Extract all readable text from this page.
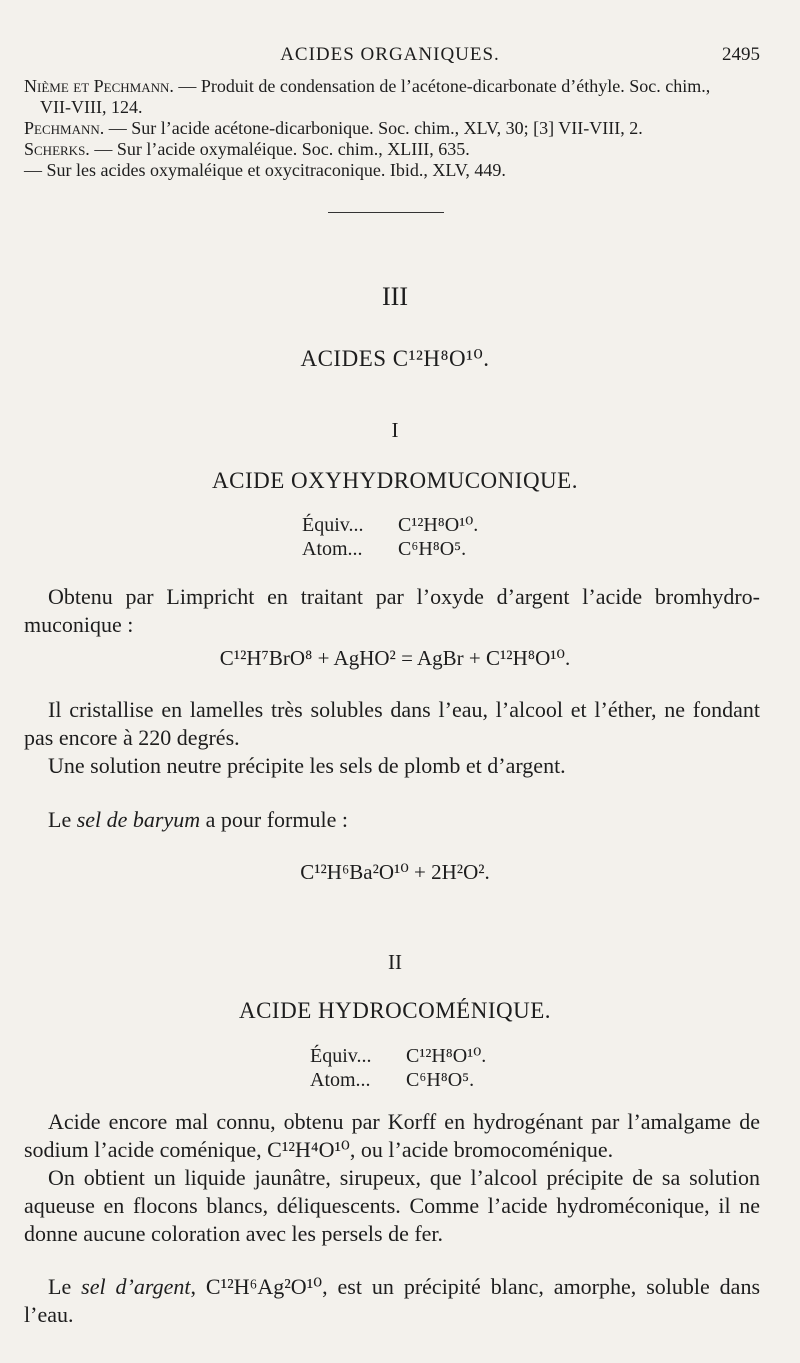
ACIDES ORGANIQUES.	2495

Nième et Pechmann. — Produit de condensation de l’acétone-dicarbonate d’éthyle. Soc. chim.,
VII-VIII, 124.

Pechmann. — Sur l’acide acétone-dicarbonique. Soc. chim., XLV, 30; [3] VII-VIII, 2.

Scherks. — Sur l’acide oxymaléique. Soc. chim., XLIII, 635.

— Sur les acides oxymaléique et oxycitraconique. Ibid., XLV, 449.

III
ACIDES C¹²H⁸O¹⁰.
I
ACIDE OXYHYDROMUCONIQUE.
Équiv... C¹²H⁸O¹⁰.
Atom... C⁶H⁸O⁵.
Obtenu par Limpricht en traitant par l’oxyde d’argent l’acide bromhydro-muconique :
C¹²H⁷BrO⁸ + AgHO² = AgBr + C¹²H⁸O¹⁰.
Il cristallise en lamelles très solubles dans l’eau, l’alcool et l’éther, ne fondant pas encore à 220 degrés.
Une solution neutre précipite les sels de plomb et d’argent.
Le sel de baryum a pour formule :
C¹²H⁶Ba²O¹⁰ + 2H²O².
II
ACIDE HYDROCOMÉNIQUE.
Équiv... C¹²H⁸O¹⁰.
Atom... C⁶H⁸O⁵.
Acide encore mal connu, obtenu par Korff en hydrogénant par l’amalgame de sodium l’acide coménique, C¹²H⁴O¹⁰, ou l’acide bromocoménique.
On obtient un liquide jaunâtre, sirupeux, que l’alcool précipite de sa solution aqueuse en flocons blancs, déliquescents. Comme l’acide hydroméconique, il ne donne aucune coloration avec les persels de fer.
Le sel d’argent, C¹²H⁶Ag²O¹⁰, est un précipité blanc, amorphe, soluble dans l’eau.
